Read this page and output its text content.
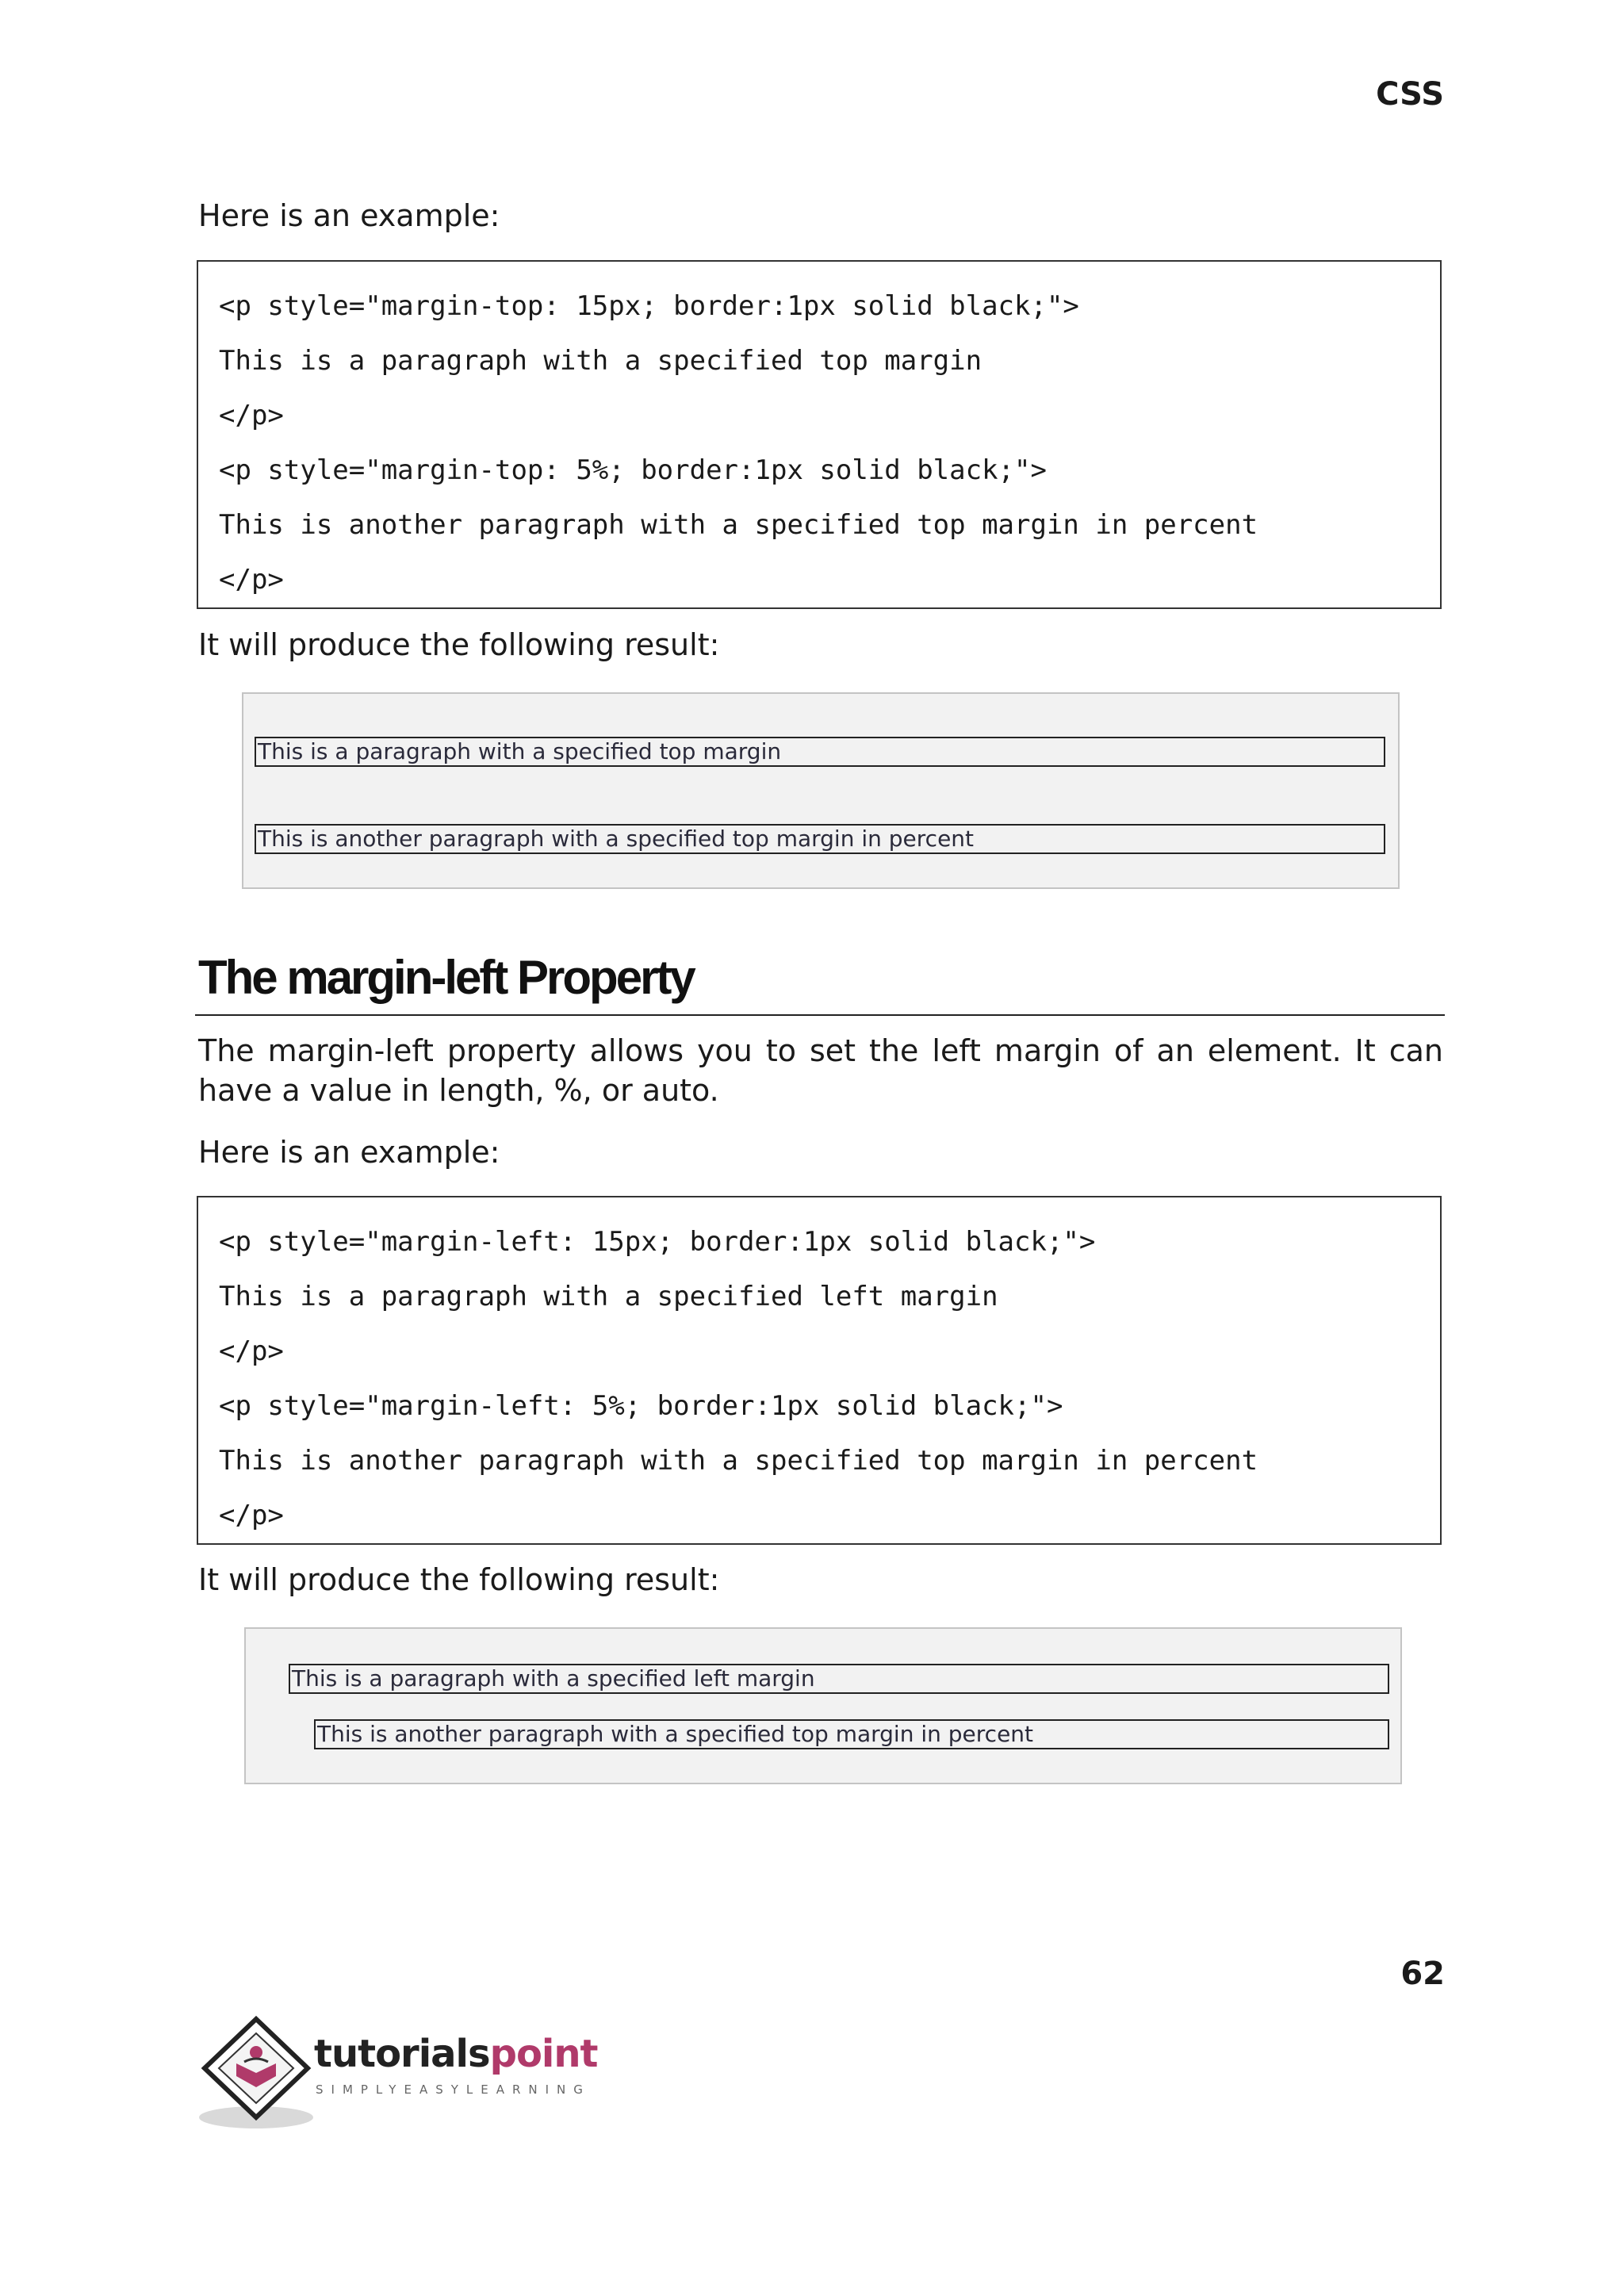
CSS
Here is an example:
<p style="margin-top: 15px; border:1px solid black;">
This is a paragraph with a specified top margin
</p>
<p style="margin-top: 5%; border:1px solid black;">
This is another paragraph with a specified top margin in percent
</p>
It will produce the following result:
This is a paragraph with a specified top margin
This is another paragraph with a specified top margin in percent
The margin-left Property
The margin-left property allows you to set the left margin of an element. It can have a value in length, %, or auto.
Here is an example:
<p style="margin-left: 15px; border:1px solid black;">
This is a paragraph with a specified left margin
</p>
<p style="margin-left: 5%; border:1px solid black;">
This is another paragraph with a specified top margin in percent
</p>
It will produce the following result:
This is a paragraph with a specified left margin
This is another paragraph with a specified top margin in percent
62
tutorialspoint
SIMPLYEASYLEARNING
